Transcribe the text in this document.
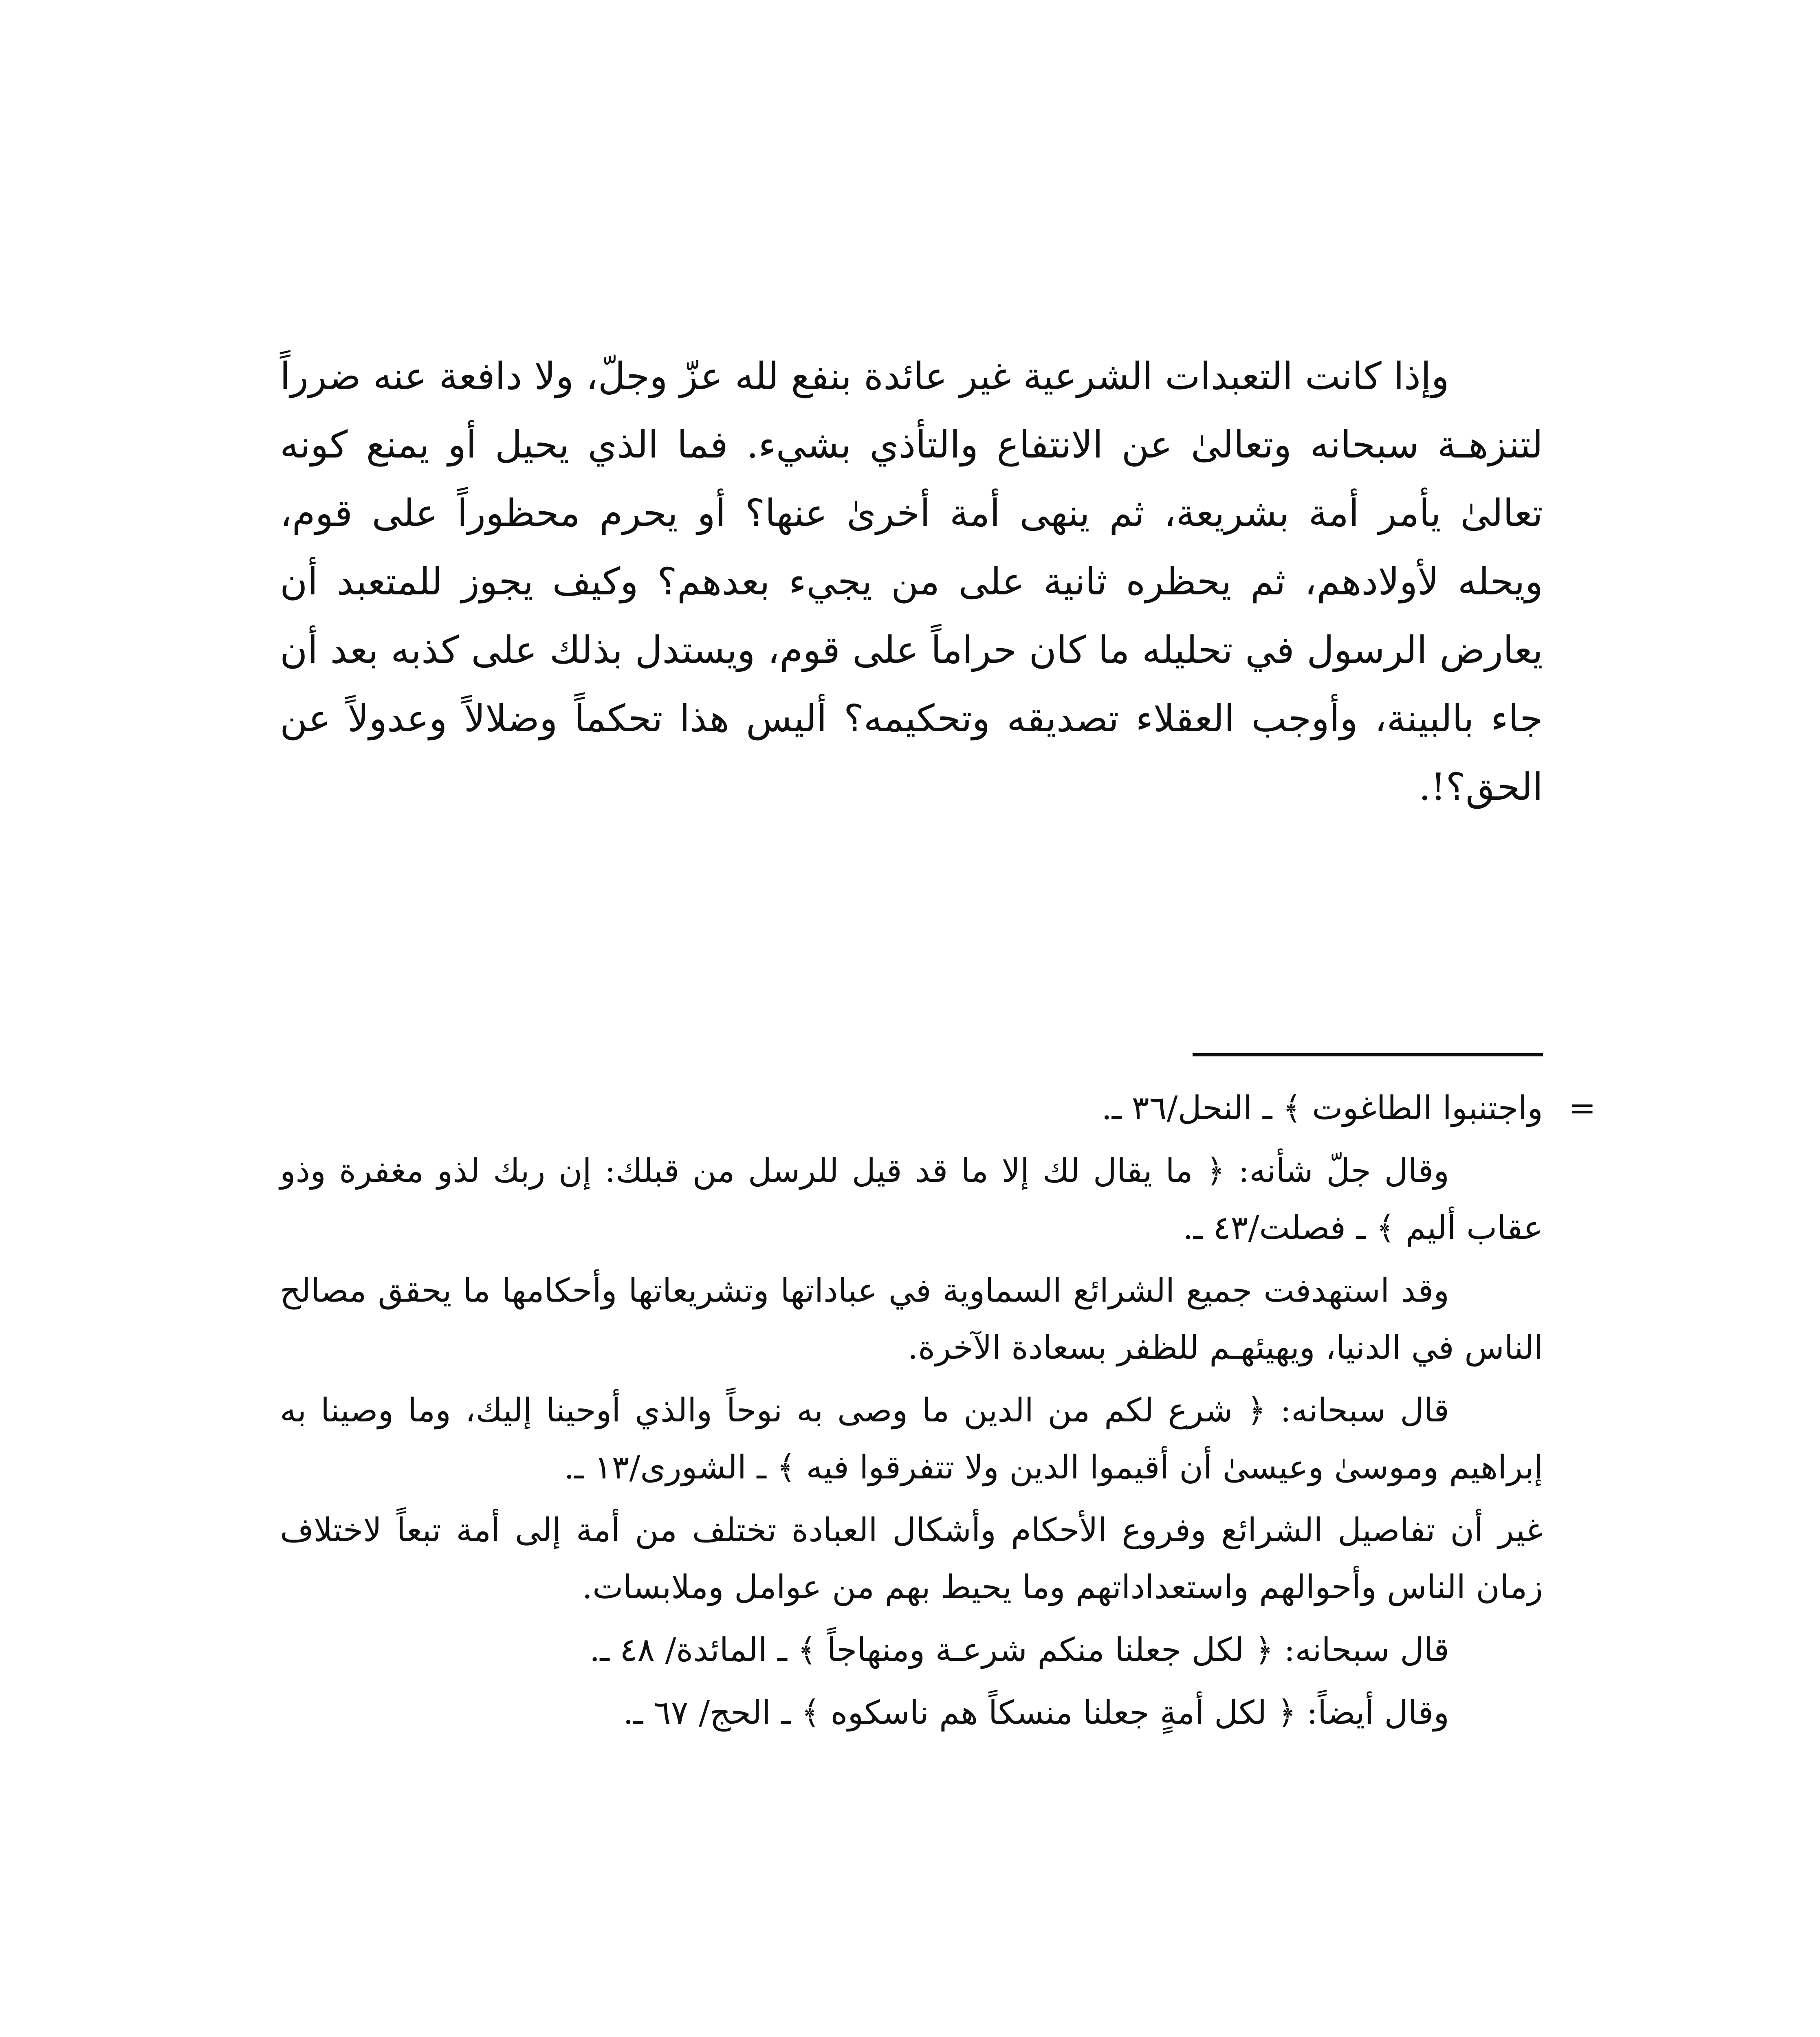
وإذا كانت التعبدات الشرعية غير عائدة بنفع لله عزّ وجلّ، ولا دافعة عنه ضرراً لتنزهـة سبحانه وتعالىٰ عن الانتفاع والتأذي بشيء. فما الذي يحيل أو يمنع كونه تعالىٰ يأمر أمة بشريعة، ثم ينهى أمة أخرىٰ عنها؟ أو يحرم محظوراً على قوم، ويحله لأولادهم، ثم يحظره ثانية على من يجيء بعدهم؟ وكيف يجوز للمتعبد أن يعارض الرسول في تحليله ما كان حراماً على قوم، ويستدل بذلك على كذبه بعد أن جاء بالبينة، وأوجب العقلاء تصديقه وتحكيمه؟ أليس هذا تحكماً وضلالاً وعدولاً عن الحق؟!.

=
واجتنبوا الطاغوت ﴾ ـ النحل/٣٦ ـ.

وقال جلّ شأنه: ﴿ ما يقال لك إلا ما قد قيل للرسل من قبلك: إن ربك لذو مغفرة وذو عقاب أليم ﴾ ـ فصلت/٤٣ ـ.

وقد استهدفت جميع الشرائع السماوية في عباداتها وتشريعاتها وأحكامها ما يحقق مصالح الناس في الدنيا، ويهيئهـم للظفر بسعادة الآخرة.

قال سبحانه: ﴿ شرع لكم من الدين ما وصى به نوحاً والذي أوحينا إليك، وما وصينا به إبراهيم وموسىٰ وعيسىٰ أن أقيموا الدين ولا تتفرقوا فيه ﴾ ـ الشورى/١٣ ـ.

غير أن تفاصيل الشرائع وفروع الأحكام وأشكال العبادة تختلف من أمة إلى أمة تبعاً لاختلاف زمان الناس وأحوالهم واستعداداتهم وما يحيط بهم من عوامل وملابسات.

قال سبحانه: ﴿ لكل جعلنا منكم شرعـة ومنهاجاً ﴾ ـ المائدة/ ٤٨ ـ.

وقال أيضاً: ﴿ لكل أمةٍ جعلنا منسكاً هم ناسكوه ﴾ ـ الحج/ ٦٧ ـ.
